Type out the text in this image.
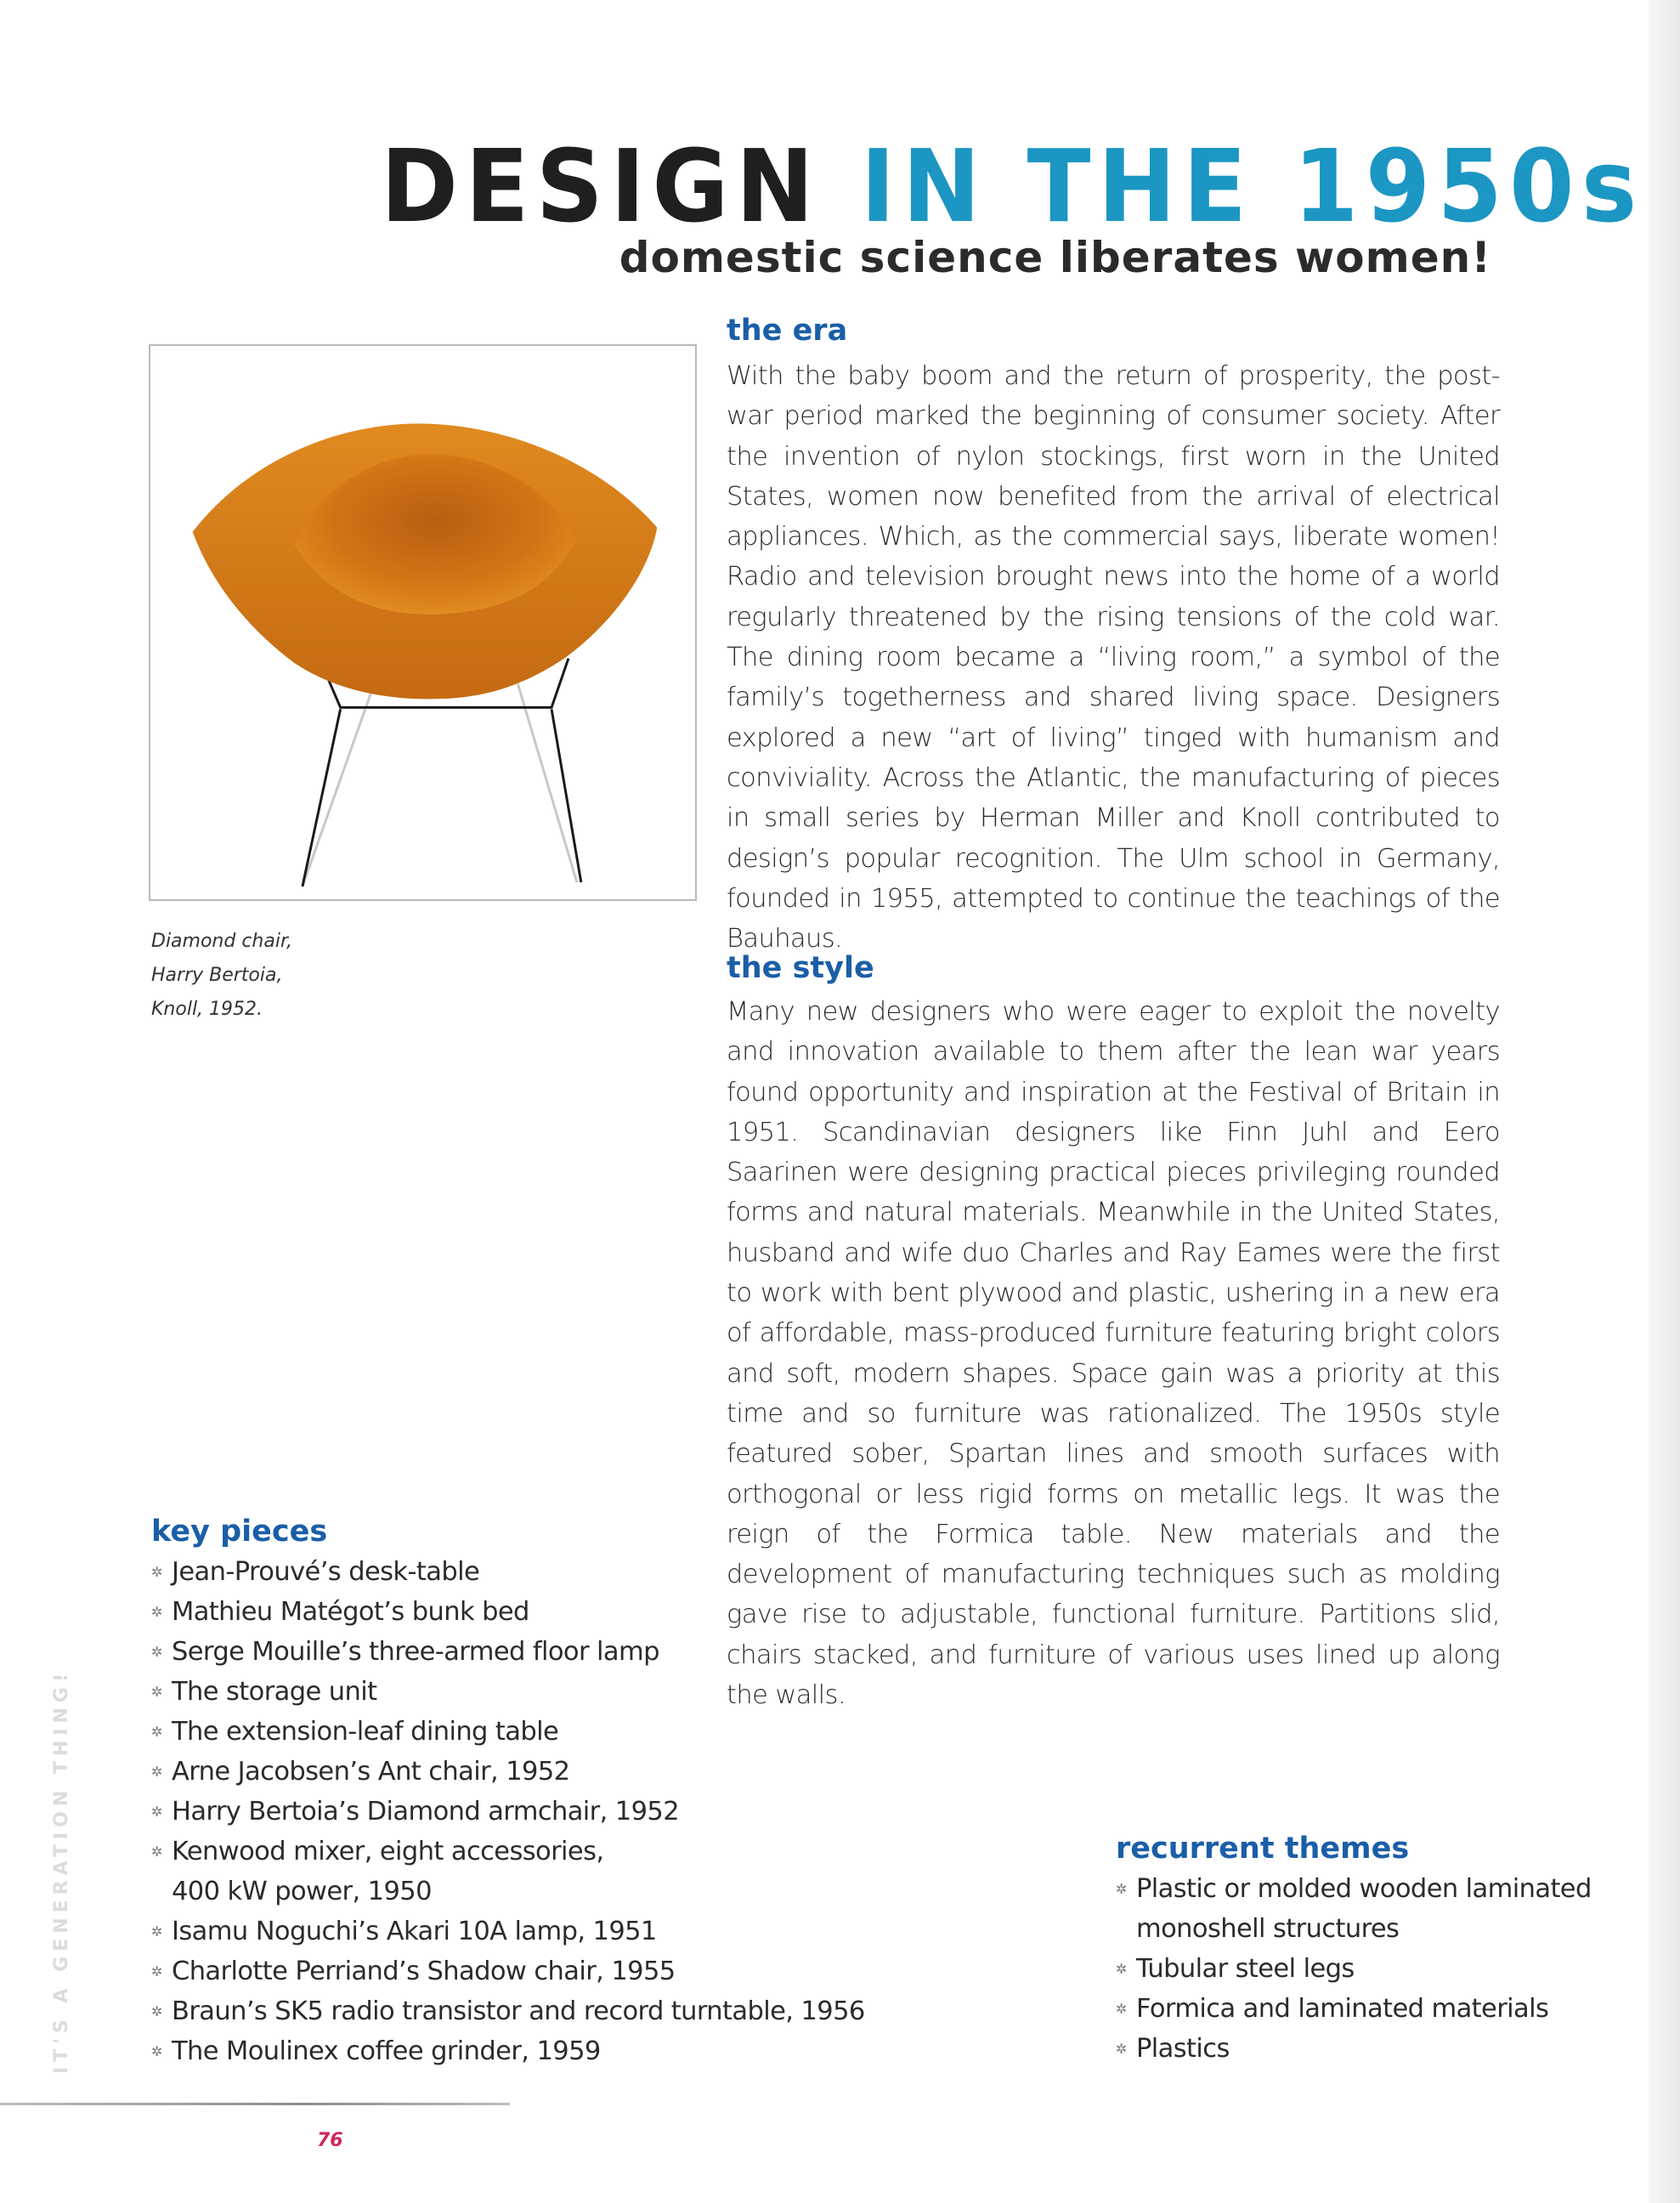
IT'S A GENERATION THING!
DESIGN IN THE 1950s
domestic science liberates women!
Diamond chair,
Harry Bertoia,
Knoll, 1952.
the era

With the baby boom and the return of prosperity, the post-war period marked the beginning of consumer society. After the invention of nylon stockings, first worn in the United States, women now benefited from the arrival of electrical appliances. Which, as the commercial says, liberate women! Radio and television brought news into the home of a world regularly threatened by the rising tensions of the cold war. The dining room became a “living room,” a symbol of the family’s togetherness and shared living space. Designers explored a new “art of living” tinged with humanism and conviviality. Across the Atlantic, the manufacturing of pieces in small series by Herman Miller and Knoll contributed to design’s popular recognition. The Ulm school in Germany, founded in 1955, attempted to continue the teachings of the Bauhaus.

the style

Many new designers who were eager to exploit the novelty and innovation available to them after the lean war years found opportunity and inspiration at the Festival of Britain in 1951. Scandinavian designers like Finn Juhl and Eero Saarinen were designing practical pieces privileging rounded forms and natural materials. Meanwhile in the United States, husband and wife duo Charles and Ray Eames were the first to work with bent plywood and plastic, ushering in a new era of affordable, mass-produced furniture featuring bright colors and soft, modern shapes. Space gain was a priority at this time and so furniture was rationalized. The 1950s style featured sober, Spartan lines and smooth surfaces with orthogonal or less rigid forms on metallic legs. It was the reign of the Formica table. New materials and the development of manufacturing techniques such as molding gave rise to adjustable, functional furniture. Partitions slid, chairs stacked, and furniture of various uses lined up along the walls.

key pieces
✲ Jean-Prouvé’s desk-table
✲ Mathieu Matégot’s bunk bed
✲ Serge Mouille’s three-armed floor lamp
✲ The storage unit
✲ The extension-leaf dining table
✲ Arne Jacobsen’s Ant chair, 1952
✲ Harry Bertoia’s Diamond armchair, 1952
✲ Kenwood mixer, eight accessories,
400 kW power, 1950
✲ Isamu Noguchi’s Akari 10A lamp, 1951
✲ Charlotte Perriand’s Shadow chair, 1955
✲ Braun’s SK5 radio transistor and record turntable, 1956
✲ The Moulinex coffee grinder, 1959
recurrent themes
✲ Plastic or molded wooden laminated
monoshell structures
✲ Tubular steel legs
✲ Formica and laminated materials
✲ Plastics
76
